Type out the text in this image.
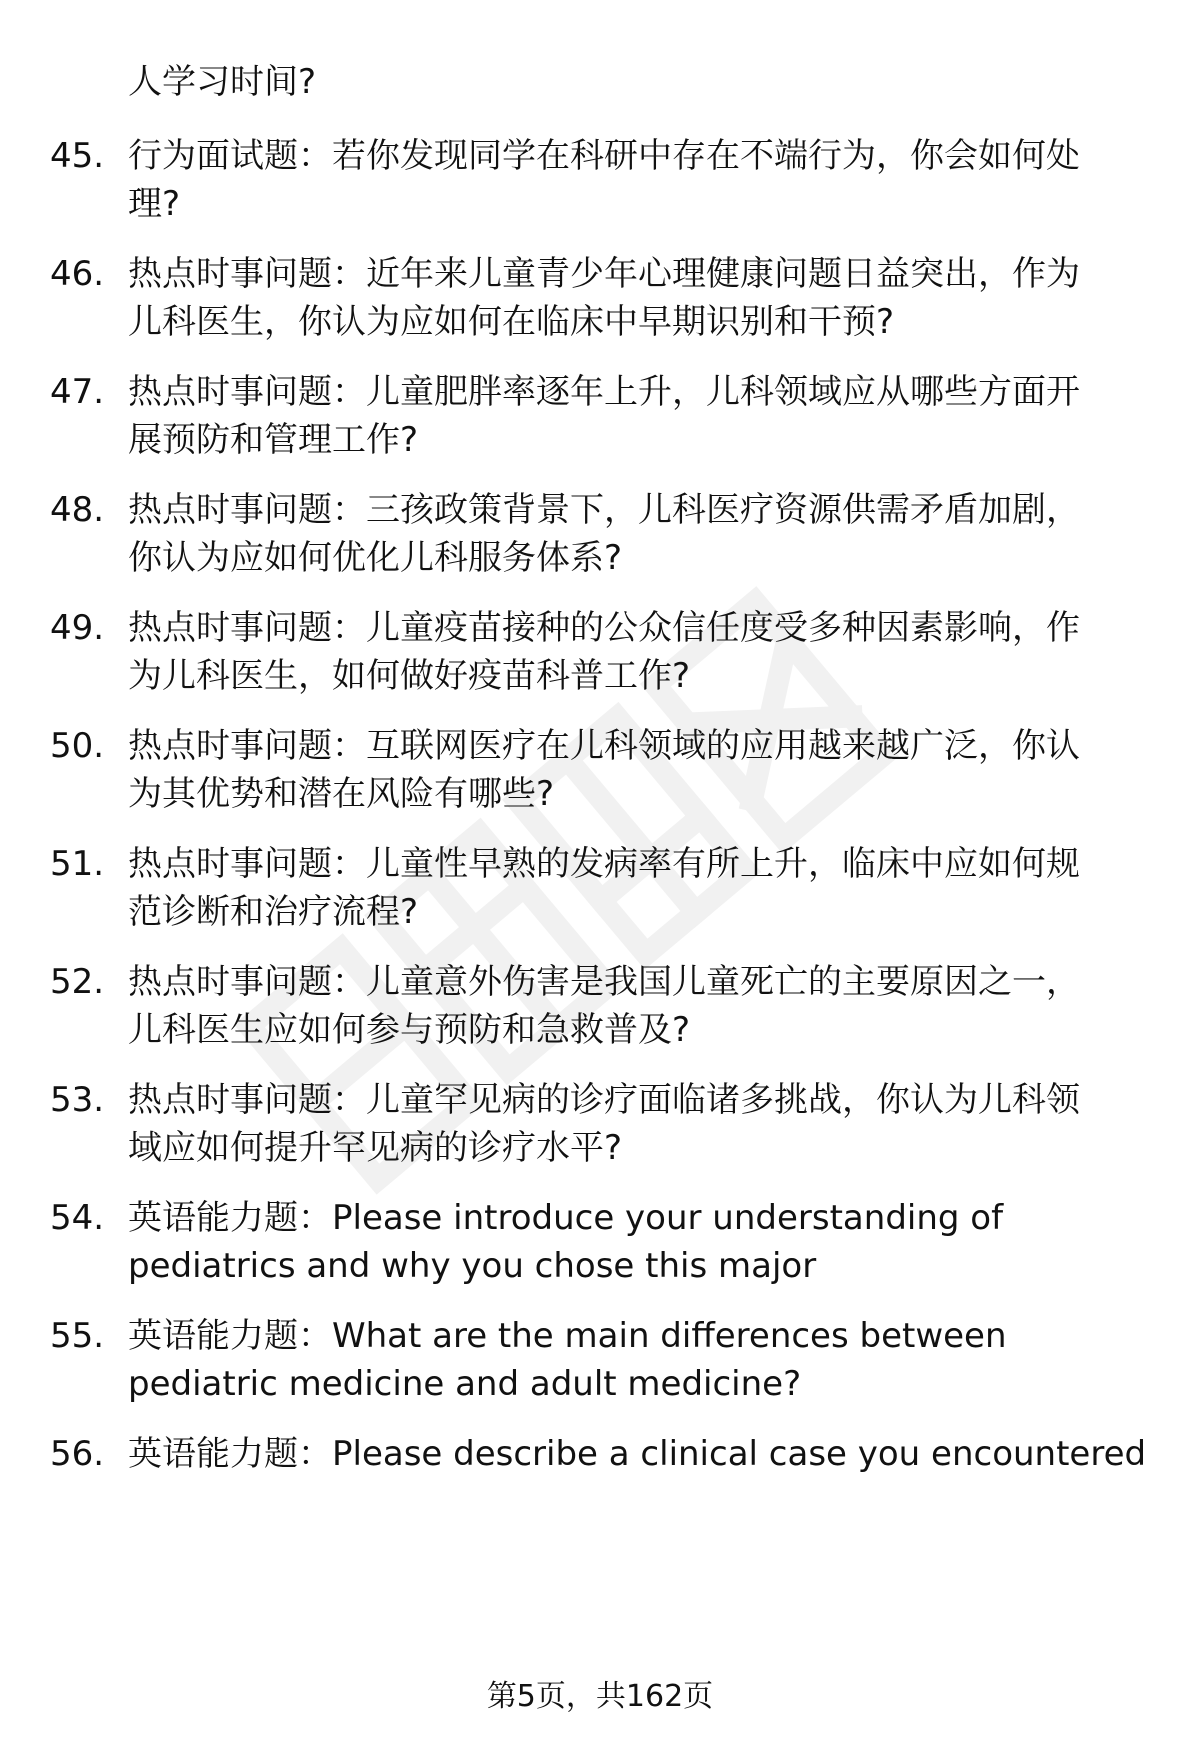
人学习时间?
45. 行为面试题：若你发现同学在科研中存在不端行为，你会如何处
理?
46. 热点时事问题：近年来儿童青少年心理健康问题日益突出，作为
儿科医生，你认为应如何在临床中早期识别和干预?
47. 热点时事问题：儿童肥胖率逐年上升，儿科领域应从哪些方面开
展预防和管理工作?
48. 热点时事问题：三孩政策背景下，儿科医疗资源供需矛盾加剧，
你认为应如何优化儿科服务体系?
49. 热点时事问题：儿童疫苗接种的公众信任度受多种因素影响，作
为儿科医生，如何做好疫苗科普工作?
50. 热点时事问题：互联网医疗在儿科领域的应用越来越广泛，你认
为其优势和潜在风险有哪些?
51. 热点时事问题：儿童性早熟的发病率有所上升，临床中应如何规
范诊断和治疗流程?
52. 热点时事问题：儿童意外伤害是我国儿童死亡的主要原因之一，
儿科医生应如何参与预防和急救普及?
53. 热点时事问题：儿童罕见病的诊疗面临诸多挑战，你认为儿科领
域应如何提升罕见病的诊疗水平?
54. 英语能力题：Please introduce your understanding of
pediatrics and why you chose this major
55. 英语能力题：What are the main differences between
pediatric medicine and adult medicine?
56. 英语能力题：Please describe a clinical case you encountered
第5页，共162页
